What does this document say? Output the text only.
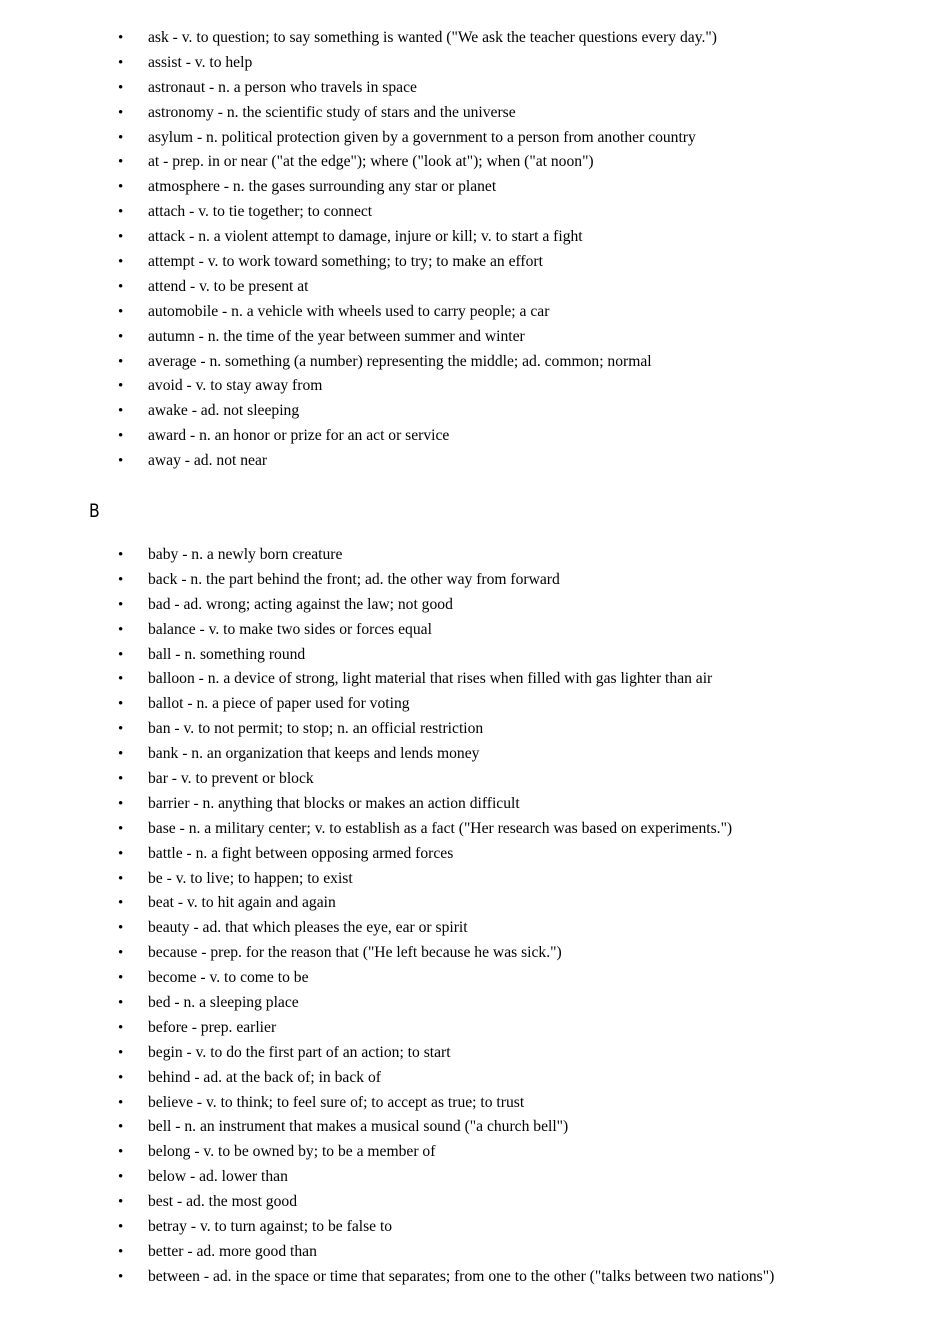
• ask - v. to question; to say something is wanted ("We ask the teacher questions every day.")
• assist - v. to help
• astronaut - n. a person who travels in space
• astronomy - n. the scientific study of stars and the universe
• asylum - n. political protection given by a government to a person from another country
• at - prep. in or near ("at the edge"); where ("look at"); when ("at noon")
• atmosphere - n. the gases surrounding any star or planet
• attach - v. to tie together; to connect
• attack - n. a violent attempt to damage, injure or kill; v. to start a fight
• attempt - v. to work toward something; to try; to make an effort
• attend - v. to be present at
• automobile - n. a vehicle with wheels used to carry people; a car
• autumn - n. the time of the year between summer and winter
• average - n. something (a number) representing the middle; ad. common; normal
• avoid - v. to stay away from
• awake - ad. not sleeping
• award - n. an honor or prize for an act or service
• away - ad. not near
B
• baby - n. a newly born creature
• back - n. the part behind the front; ad. the other way from forward
• bad - ad. wrong; acting against the law; not good
• balance - v. to make two sides or forces equal
• ball - n. something round
• balloon - n. a device of strong, light material that rises when filled with gas lighter than air
• ballot - n. a piece of paper used for voting
• ban - v. to not permit; to stop; n. an official restriction
• bank - n. an organization that keeps and lends money
• bar - v. to prevent or block
• barrier - n. anything that blocks or makes an action difficult
• base - n. a military center; v. to establish as a fact ("Her research was based on experiments.")
• battle - n. a fight between opposing armed forces
• be - v. to live; to happen; to exist
• beat - v. to hit again and again
• beauty - ad. that which pleases the eye, ear or spirit
• because - prep. for the reason that ("He left because he was sick.")
• become - v. to come to be
• bed - n. a sleeping place
• before - prep. earlier
• begin - v. to do the first part of an action; to start
• behind - ad. at the back of; in back of
• believe - v. to think; to feel sure of; to accept as true; to trust
• bell - n. an instrument that makes a musical sound ("a church bell")
• belong - v. to be owned by; to be a member of
• below - ad. lower than
• best - ad. the most good
• betray - v. to turn against; to be false to
• better - ad. more good than
• between - ad. in the space or time that separates; from one to the other ("talks between two nations")
